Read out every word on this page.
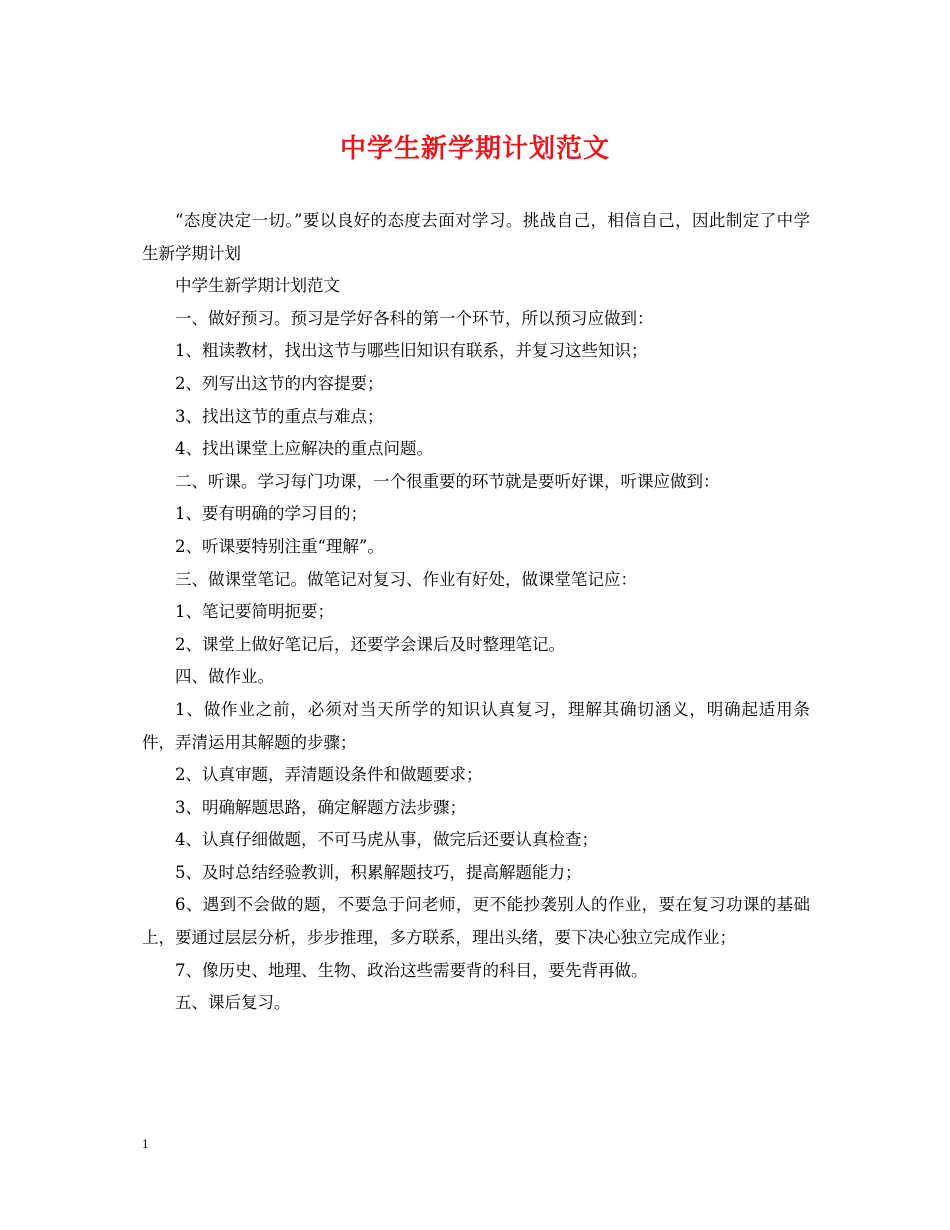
中学生新学期计划范文

“态度决定一切。”要以良好的态度去面对学习。挑战自己，相信自己，因此制定了中学生新学期计划

中学生新学期计划范文

一、做好预习。预习是学好各科的第一个环节，所以预习应做到：

1、粗读教材，找出这节与哪些旧知识有联系，并复习这些知识；

2、列写出这节的内容提要；

3、找出这节的重点与难点；

4、找出课堂上应解决的重点问题。

二、听课。学习每门功课，一个很重要的环节就是要听好课，听课应做到：

1、要有明确的学习目的；

2、听课要特别注重“理解”。

三、做课堂笔记。做笔记对复习、作业有好处，做课堂笔记应：

1、笔记要简明扼要；

2、课堂上做好笔记后，还要学会课后及时整理笔记。

四、做作业。

1、做作业之前，必须对当天所学的知识认真复习，理解其确切涵义，明确起适用条件，弄清运用其解题的步骤；

2、认真审题，弄清题设条件和做题要求；

3、明确解题思路，确定解题方法步骤；

4、认真仔细做题，不可马虎从事，做完后还要认真检查；

5、及时总结经验教训，积累解题技巧，提高解题能力；

6、遇到不会做的题，不要急于问老师，更不能抄袭别人的作业，要在复习功课的基础上，要通过层层分析，步步推理，多方联系，理出头绪，要下决心独立完成作业；

7、像历史、地理、生物、政治这些需要背的科目，要先背再做。

五、课后复习。

1
